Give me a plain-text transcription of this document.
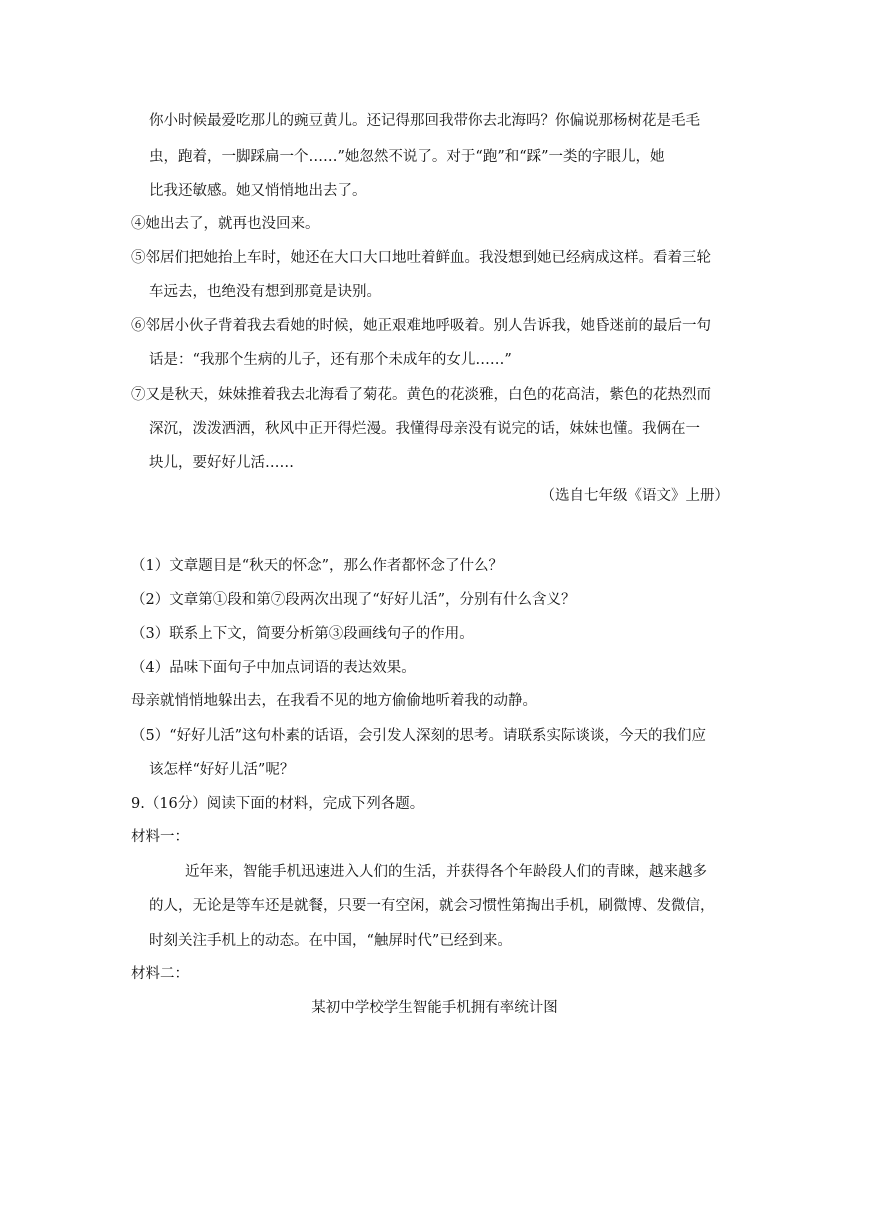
你小时候最爱吃那儿的豌豆黄儿。还记得那回我带你去北海吗？你偏说那杨树花是毛毛
虫，跑着，一脚踩扁一个……”她忽然不说了。对于“跑”和“踩”一类的字眼儿，她
比我还敏感。她又悄悄地出去了。
④她出去了，就再也没回来。
⑤邻居们把她抬上车时，她还在大口大口地吐着鲜血。我没想到她已经病成这样。看着三轮
车远去，也绝没有想到那竟是诀别。
⑥邻居小伙子背着我去看她的时候，她正艰难地呼吸着。别人告诉我，她昏迷前的最后一句
话是：“我那个生病的儿子，还有那个未成年的女儿……”
⑦又是秋天，妹妹推着我去北海看了菊花。黄色的花淡雅，白色的花高洁，紫色的花热烈而
深沉，泼泼洒洒，秋风中正开得烂漫。我懂得母亲没有说完的话，妹妹也懂。我俩在一
块儿，要好好儿活……
（选自七年级《语文》上册）
（1）文章题目是“秋天的怀念”，那么作者都怀念了什么？
（2）文章第①段和第⑦段两次出现了“好好儿活”，分别有什么含义？
（3）联系上下文，简要分析第③段画线句子的作用。
（4）品味下面句子中加点词语的表达效果。
母亲就悄悄地躲出去，在我看不见的地方偷偷地听着我的动静。
（5）“好好儿活”这句朴素的话语，会引发人深刻的思考。请联系实际谈谈，今天的我们应
该怎样“好好儿活”呢？
9.（16分）阅读下面的材料，完成下列各题。
材料一：
近年来，智能手机迅速进入人们的生活，并获得各个年龄段人们的青睐，越来越多
的人，无论是等车还是就餐，只要一有空闲，就会习惯性第掏出手机，刷微博、发微信，
时刻关注手机上的动态。在中国，“触屏时代”已经到来。
材料二：
某初中学校学生智能手机拥有率统计图
